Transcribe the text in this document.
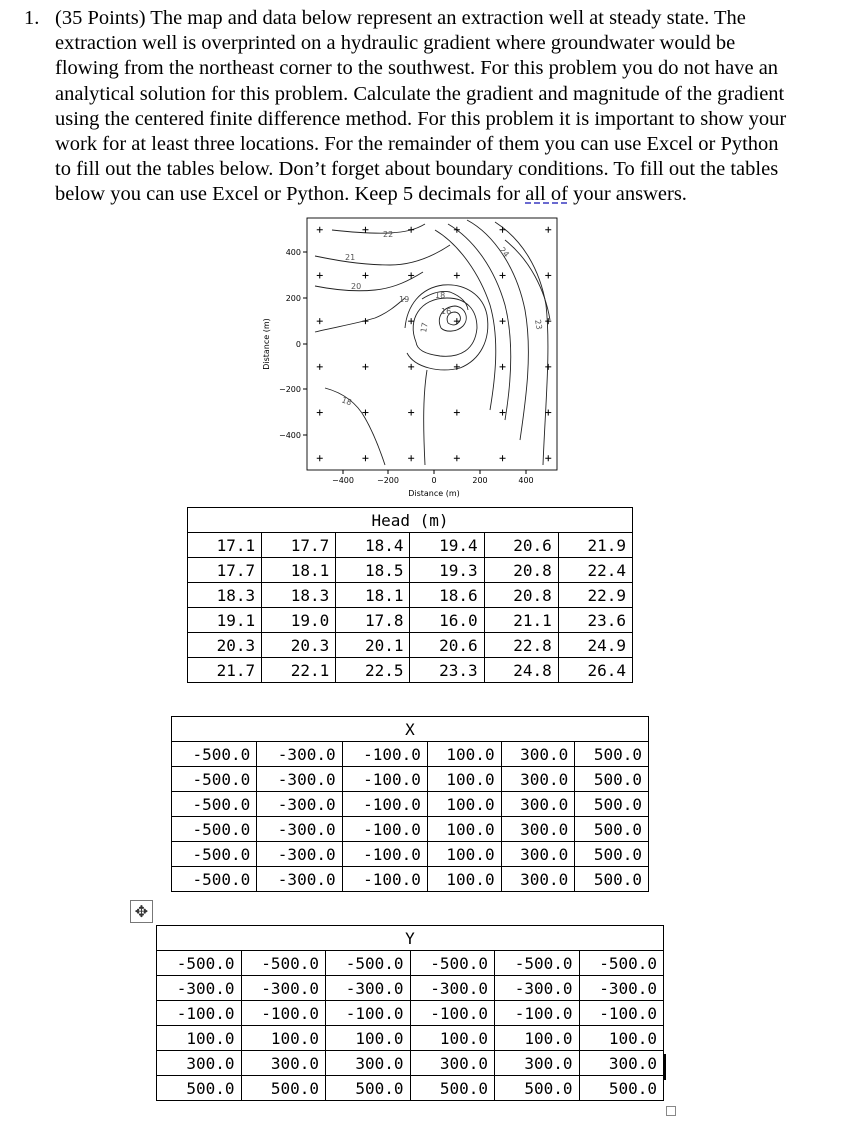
1. (35 Points) The map and data below represent an extraction well at steady state. The
extraction well is overprinted on a hydraulic gradient where groundwater would be
flowing from the northeast corner to the southwest. For this problem you do not have an
analytical solution for this problem. Calculate the gradient and magnitude of the gradient
using the centered finite difference method. For this problem it is important to show your
work for at least three locations. For the remainder of them you can use Excel or Python
to fill out the tables below. Don’t forget about boundary conditions. To fill out the tables
below you can use Excel or Python. Keep 5 decimals for all of your answers.
22
24
21
20
19	18
17
16
23
18
400
200
0
−200
−400
Distance (m)
−400	−200	0	200	400
Distance (m)
Head (m)					
17.1	17.7	18.4	19.4	20.6	21.9
17.7	18.1	18.5	19.3	20.8	22.4
18.3	18.3	18.1	18.6	20.8	22.9
19.1	19.0	17.8	16.0	21.1	23.6
20.3	20.3	20.1	20.6	22.8	24.9
21.7	22.1	22.5	23.3	24.8	26.4
X					
-500.0	-300.0	-100.0	100.0	300.0	500.0
-500.0	-300.0	-100.0	100.0	300.0	500.0
-500.0	-300.0	-100.0	100.0	300.0	500.0
-500.0	-300.0	-100.0	100.0	300.0	500.0
-500.0	-300.0	-100.0	100.0	300.0	500.0
-500.0	-300.0	-100.0	100.0	300.0	500.0
✥
Y					
-500.0	-500.0	-500.0	-500.0	-500.0	-500.0
-300.0	-300.0	-300.0	-300.0	-300.0	-300.0
-100.0	-100.0	-100.0	-100.0	-100.0	-100.0
100.0	100.0	100.0	100.0	100.0	100.0
300.0	300.0	300.0	300.0	300.0	300.0
500.0	500.0	500.0	500.0	500.0	500.0
